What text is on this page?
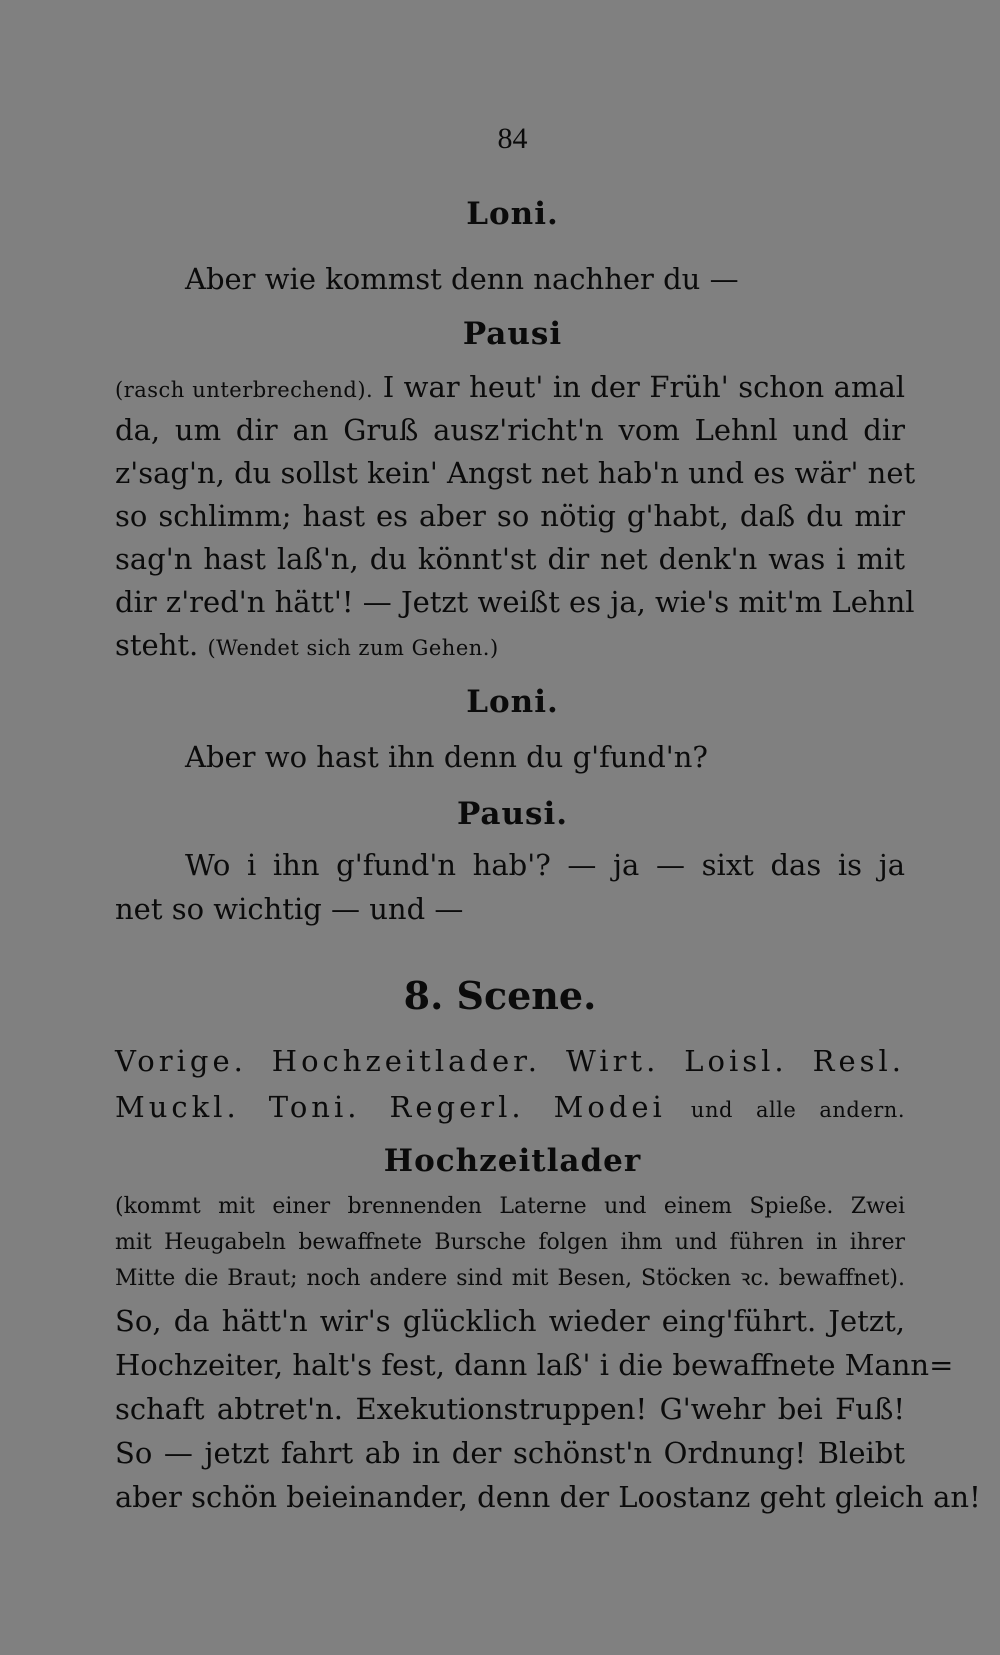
84
Loni.
Aber wie kommst denn nachher du —
Pausi
(rasch unterbrechend). I war heut' in der Früh' schon amal
da, um dir an Gruß ausz'richt'n vom Lehnl und dir
z'sag'n, du sollst kein' Angst net hab'n und es wär' net
so schlimm; hast es aber so nötig g'habt, daß du mir
sag'n hast laß'n, du könnt'st dir net denk'n was i mit
dir z'red'n hätt'! — Jetzt weißt es ja, wie's mit'm Lehnl
steht. (Wendet sich zum Gehen.)
Loni.
Aber wo hast ihn denn du g'fund'n?
Pausi.
Wo i ihn g'fund'n hab'? — ja — sixt das is ja
net so wichtig — und —
8. Scene.
Vorige. Hochzeitlader. Wirt. Loisl. Resl.
Muckl. Toni. Regerl. Modei und alle andern.
Hochzeitlader
(kommt mit einer brennenden Laterne und einem Spieße. Zwei
mit Heugabeln bewaffnete Bursche folgen ihm und führen in ihrer
Mitte die Braut; noch andere sind mit Besen, Stöcken ꝛc. bewaffnet).
So, da hätt'n wir's glücklich wieder eing'führt. Jetzt,
Hochzeiter, halt's fest, dann laß' i die bewaffnete Mann=
schaft abtret'n. Exekutionstruppen! G'wehr bei Fuß!
So — jetzt fahrt ab in der schönst'n Ordnung! Bleibt
aber schön beieinander, denn der Loostanz geht gleich an!
